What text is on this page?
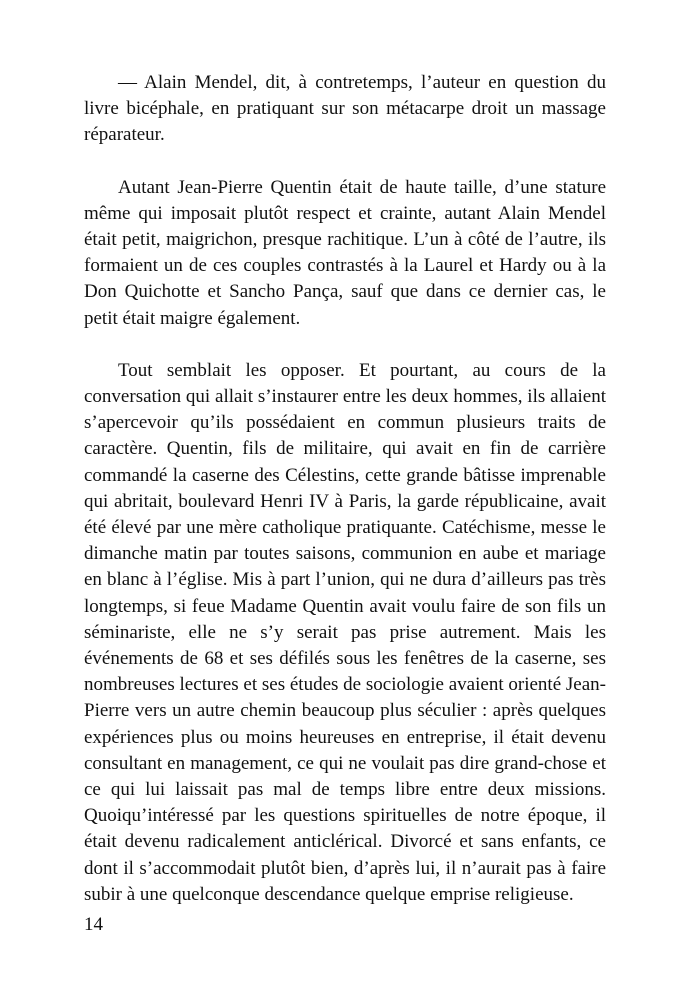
— Alain Mendel, dit, à contretemps, l’auteur en question du livre bicéphale, en pratiquant sur son métacarpe droit un massage réparateur.

Autant Jean-Pierre Quentin était de haute taille, d’une stature même qui imposait plutôt respect et crainte, autant Alain Mendel était petit, maigrichon, presque rachitique. L’un à côté de l’autre, ils formaient un de ces couples contrastés à la Laurel et Hardy ou à la Don Quichotte et Sancho Pança, sauf que dans ce dernier cas, le petit était maigre également.

Tout semblait les opposer. Et pourtant, au cours de la conversation qui allait s’instaurer entre les deux hommes, ils allaient s’apercevoir qu’ils possédaient en commun plusieurs traits de caractère. Quentin, fils de militaire, qui avait en fin de carrière commandé la caserne des Célestins, cette grande bâtisse imprenable qui abritait, boulevard Henri IV à Paris, la garde républicaine, avait été élevé par une mère catholique pratiquante. Catéchisme, messe le dimanche matin par toutes saisons, communion en aube et mariage en blanc à l’église. Mis à part l’union, qui ne dura d’ailleurs pas très longtemps, si feue Madame Quentin avait voulu faire de son fils un séminariste, elle ne s’y serait pas prise autrement. Mais les événements de 68 et ses défilés sous les fenêtres de la caserne, ses nombreuses lectures et ses études de sociologie avaient orienté Jean-Pierre vers un autre chemin beaucoup plus séculier : après quelques expériences plus ou moins heureuses en entreprise, il était devenu consultant en management, ce qui ne voulait pas dire grand-chose et ce qui lui laissait pas mal de temps libre entre deux missions. Quoiqu’intéressé par les questions spirituelles de notre époque, il était devenu radicalement anticlérical. Divorcé et sans enfants, ce dont il s’accommodait plutôt bien, d’après lui, il n’aurait pas à faire subir à une quelconque descendance quelque emprise religieuse.

14
